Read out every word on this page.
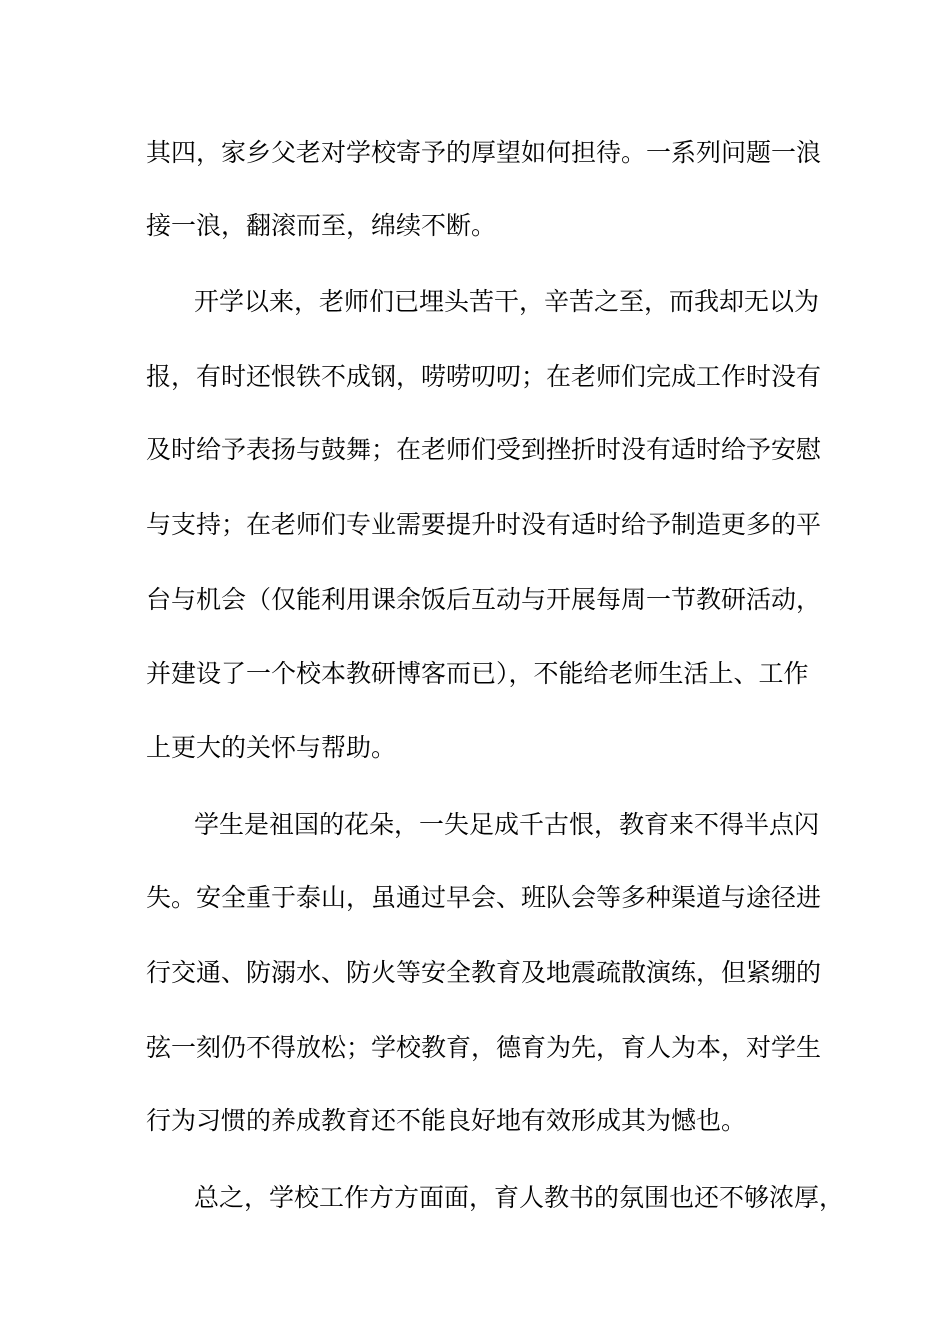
其四，家乡父老对学校寄予的厚望如何担待。一系列问题一浪
接一浪，翻滚而至，绵续不断。
开学以来，老师们已埋头苦干，辛苦之至，而我却无以为
报，有时还恨铁不成钢，唠唠叨叨；在老师们完成工作时没有
及时给予表扬与鼓舞；在老师们受到挫折时没有适时给予安慰
与支持；在老师们专业需要提升时没有适时给予制造更多的平
台与机会（仅能利用课余饭后互动与开展每周一节教研活动，
并建设了一个校本教研博客而已），不能给老师生活上、工作
上更大的关怀与帮助。
学生是祖国的花朵，一失足成千古恨，教育来不得半点闪
失。安全重于泰山，虽通过早会、班队会等多种渠道与途径进
行交通、防溺水、防火等安全教育及地震疏散演练，但紧绷的
弦一刻仍不得放松；学校教育，德育为先，育人为本，对学生
行为习惯的养成教育还不能良好地有效形成其为憾也。
总之，学校工作方方面面，育人教书的氛围也还不够浓厚，
